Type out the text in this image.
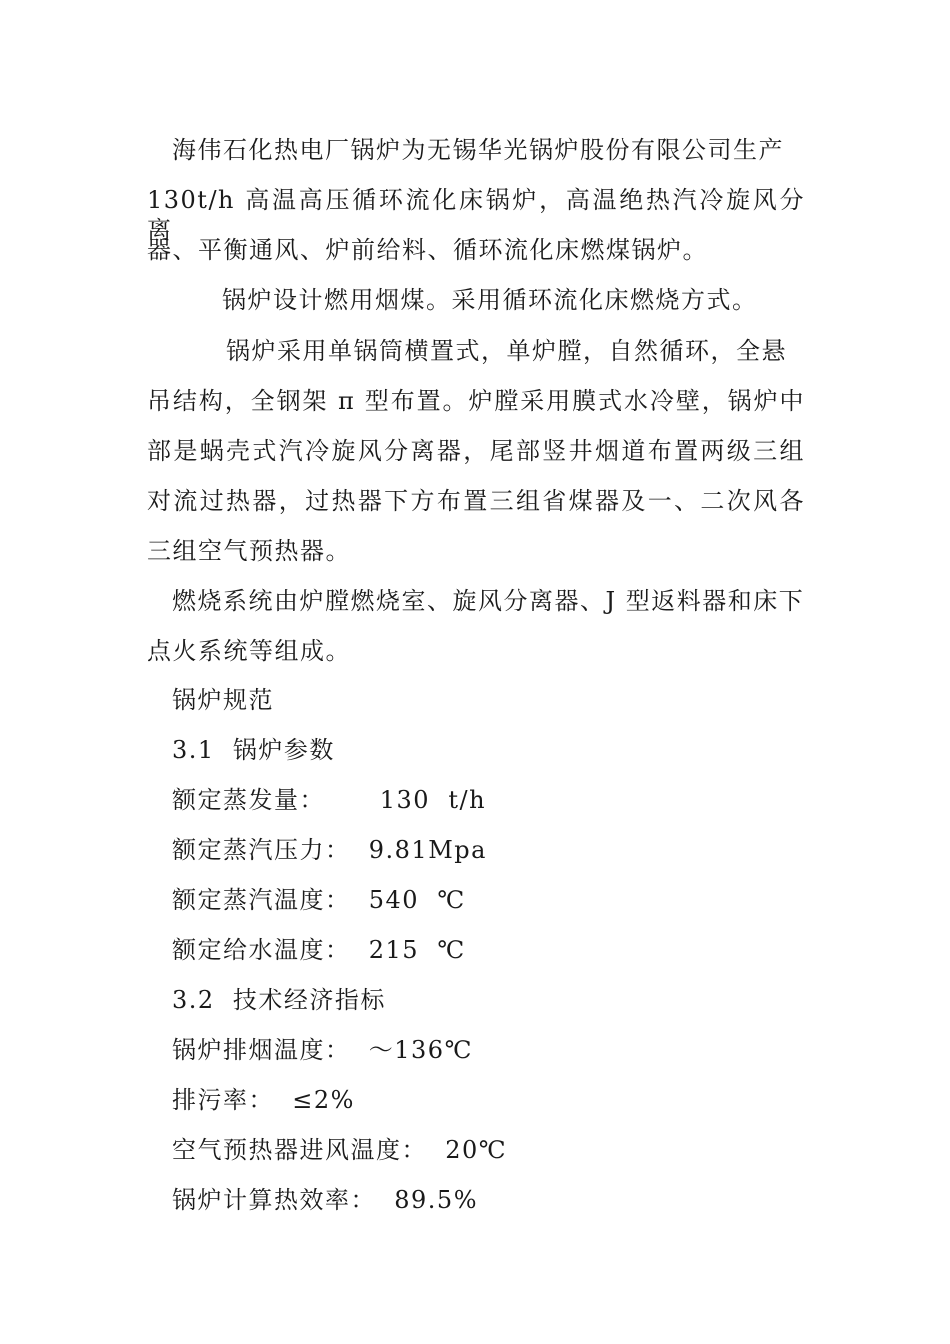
海伟石化热电厂锅炉为无锡华光锅炉股份有限公司生产
130t/h 高温高压循环流化床锅炉，高温绝热汽冷旋风分离
器、平衡通风、炉前给料、循环流化床燃煤锅炉。
锅炉设计燃用烟煤。采用循环流化床燃烧方式。
锅炉采用单锅筒横置式，单炉膛，自然循环，全悬
吊结构，全钢架 π 型布置。炉膛采用膜式水冷壁，锅炉中
部是蜗壳式汽冷旋风分离器，尾部竖井烟道布置两级三组
对流过热器，过热器下方布置三组省煤器及一、二次风各
三组空气预热器。
燃烧系统由炉膛燃烧室、旋风分离器、J 型返料器和床下
点火系统等组成。
锅炉规范
3.1  锅炉参数
额定蒸发量：      130  t/h
额定蒸汽压力：  9.81Mpa
额定蒸汽温度：  540  ℃
额定给水温度：  215  ℃
3.2  技术经济指标
锅炉排烟温度：  ～136℃
排污率：  ≤2%
空气预热器进风温度：  20℃
锅炉计算热效率：  89.5%
